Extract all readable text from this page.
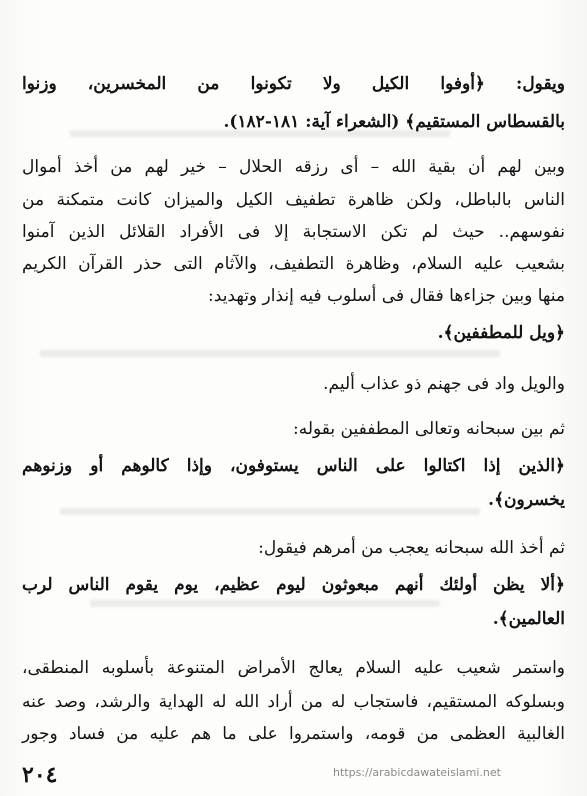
ويقول: ﴿أوفوا الكيل ولا تكونوا من المخسرين، وزنوا
بالقسطاس المستقيم﴾ (الشعراء آية: ١٨١-١٨٢).
وبين لهم أن بقية الله – أى رزقه الحلال – خير لهم من أخذ أموال
الناس بالباطل، ولكن ظاهرة تطفيف الكيل والميزان كانت متمكنة من
نفوسهم.. حيث لم تكن الاستجابة إلا فى الأفراد القلائل الذين آمنوا
بشعيب عليه السلام، وظاهرة التطفيف، والآثام التى حذر القرآن الكريم
منها وبين جزاءها فقال فى أسلوب فيه إنذار وتهديد:
﴿ويل للمطففين﴾.
والويل واد فى جهنم ذو عذاب أليم.
ثم بين سبحانه وتعالى المطففين بقوله:
﴿الذين إذا اكتالوا على الناس يستوفون، وإذا كالوهم أو وزنوهم
يخسرون﴾.
ثم أخذ الله سبحانه يعجب من أمرهم فيقول:
﴿ألا يظن أولئك أنهم مبعوثون ليوم عظيم، يوم يقوم الناس لرب
العالمين﴾.
واستمر شعيب عليه السلام يعالج الأمراض المتنوعة بأسلوبه المنطقى،
وبسلوكه المستقيم، فاستجاب له من أراد الله له الهداية والرشد، وصد عنه
الغالبية العظمى من قومه، واستمروا على ما هم عليه من فساد وجور
https://arabicdawateislami.net
٢٠٤
